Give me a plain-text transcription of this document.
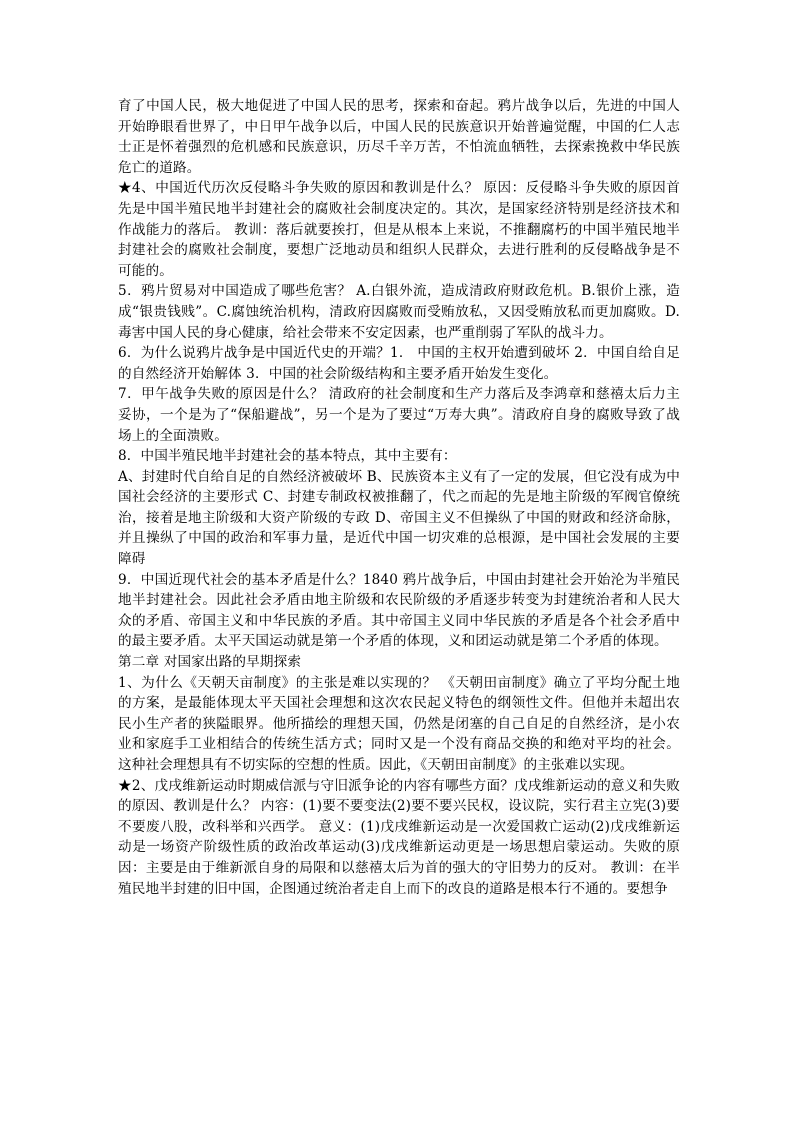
育了中国人民，极大地促进了中国人民的思考，探索和奋起。鸦片战争以后，先进的中国人开始睁眼看世界了，中日甲午战争以后，中国人民的民族意识开始普遍觉醒，中国的仁人志士正是怀着强烈的危机感和民族意识，历尽千辛万苦，不怕流血牺牲，去探索挽救中华民族危亡的道路。

★4、中国近代历次反侵略斗争失败的原因和教训是什么？ 原因：反侵略斗争失败的原因首先是中国半殖民地半封建社会的腐败社会制度决定的。其次，是国家经济特别是经济技术和作战能力的落后。 教训：落后就要挨打，但是从根本上来说，不推翻腐朽的中国半殖民地半封建社会的腐败社会制度，要想广泛地动员和组织人民群众，去进行胜利的反侵略战争是不可能的。

5．鸦片贸易对中国造成了哪些危害？ A.白银外流，造成清政府财政危机。B.银价上涨，造成“银贵钱贱”。C.腐蚀统治机构，清政府因腐败而受贿放私，又因受贿放私而更加腐败。D.毒害中国人民的身心健康，给社会带来不安定因素，也严重削弱了军队的战斗力。

6．为什么说鸦片战争是中国近代史的开端？1． 中国的主权开始遭到破坏 2．中国自给自足的自然经济开始解体 3．中国的社会阶级结构和主要矛盾开始发生变化。

7．甲午战争失败的原因是什么？ 清政府的社会制度和生产力落后及李鸿章和慈禧太后力主妥协，一个是为了“保船避战”，另一个是为了要过“万寿大典”。清政府自身的腐败导致了战场上的全面溃败。

8．中国半殖民地半封建社会的基本特点，其中主要有：

A、封建时代自给自足的自然经济被破坏 B、民族资本主义有了一定的发展，但它没有成为中国社会经济的主要形式 C、封建专制政权被推翻了，代之而起的先是地主阶级的军阀官僚统治，接着是地主阶级和大资产阶级的专政 D、帝国主义不但操纵了中国的财政和经济命脉，并且操纵了中国的政治和军事力量，是近代中国一切灾难的总根源，是中国社会发展的主要障碍

9．中国近现代社会的基本矛盾是什么？1840 鸦片战争后，中国由封建社会开始沦为半殖民地半封建社会。因此社会矛盾由地主阶级和农民阶级的矛盾逐步转变为封建统治者和人民大众的矛盾、帝国主义和中华民族的矛盾。其中帝国主义同中华民族的矛盾是各个社会矛盾中的最主要矛盾。太平天国运动就是第一个矛盾的体现，义和团运动就是第二个矛盾的体现。

第二章 对国家出路的早期探索

1、为什么《天朝天亩制度》的主张是难以实现的？ 《天朝田亩制度》确立了平均分配土地的方案，是最能体现太平天国社会理想和这次农民起义特色的纲领性文件。但他并未超出农民小生产者的狭隘眼界。他所描绘的理想天国，仍然是闭塞的自己自足的自然经济，是小农业和家庭手工业相结合的传统生活方式；同时又是一个没有商品交换的和绝对平均的社会。这种社会理想具有不切实际的空想的性质。因此，《天朝田亩制度》的主张难以实现。

★2、戊戌维新运动时期威信派与守旧派争论的内容有哪些方面？戊戌维新运动的意义和失败的原因、教训是什么？ 内容：(1)要不要变法(2)要不要兴民权，设议院，实行君主立宪(3)要不要废八股，改科举和兴西学。 意义：(1)戊戌维新运动是一次爱国救亡运动(2)戊戌维新运动是一场资产阶级性质的政治改革运动(3)戊戌维新运动更是一场思想启蒙运动。失败的原因：主要是由于维新派自身的局限和以慈禧太后为首的强大的守旧势力的反对。 教训：在半殖民地半封建的旧中国，企图通过统治者走自上而下的改良的道路是根本行不通的。要想争
